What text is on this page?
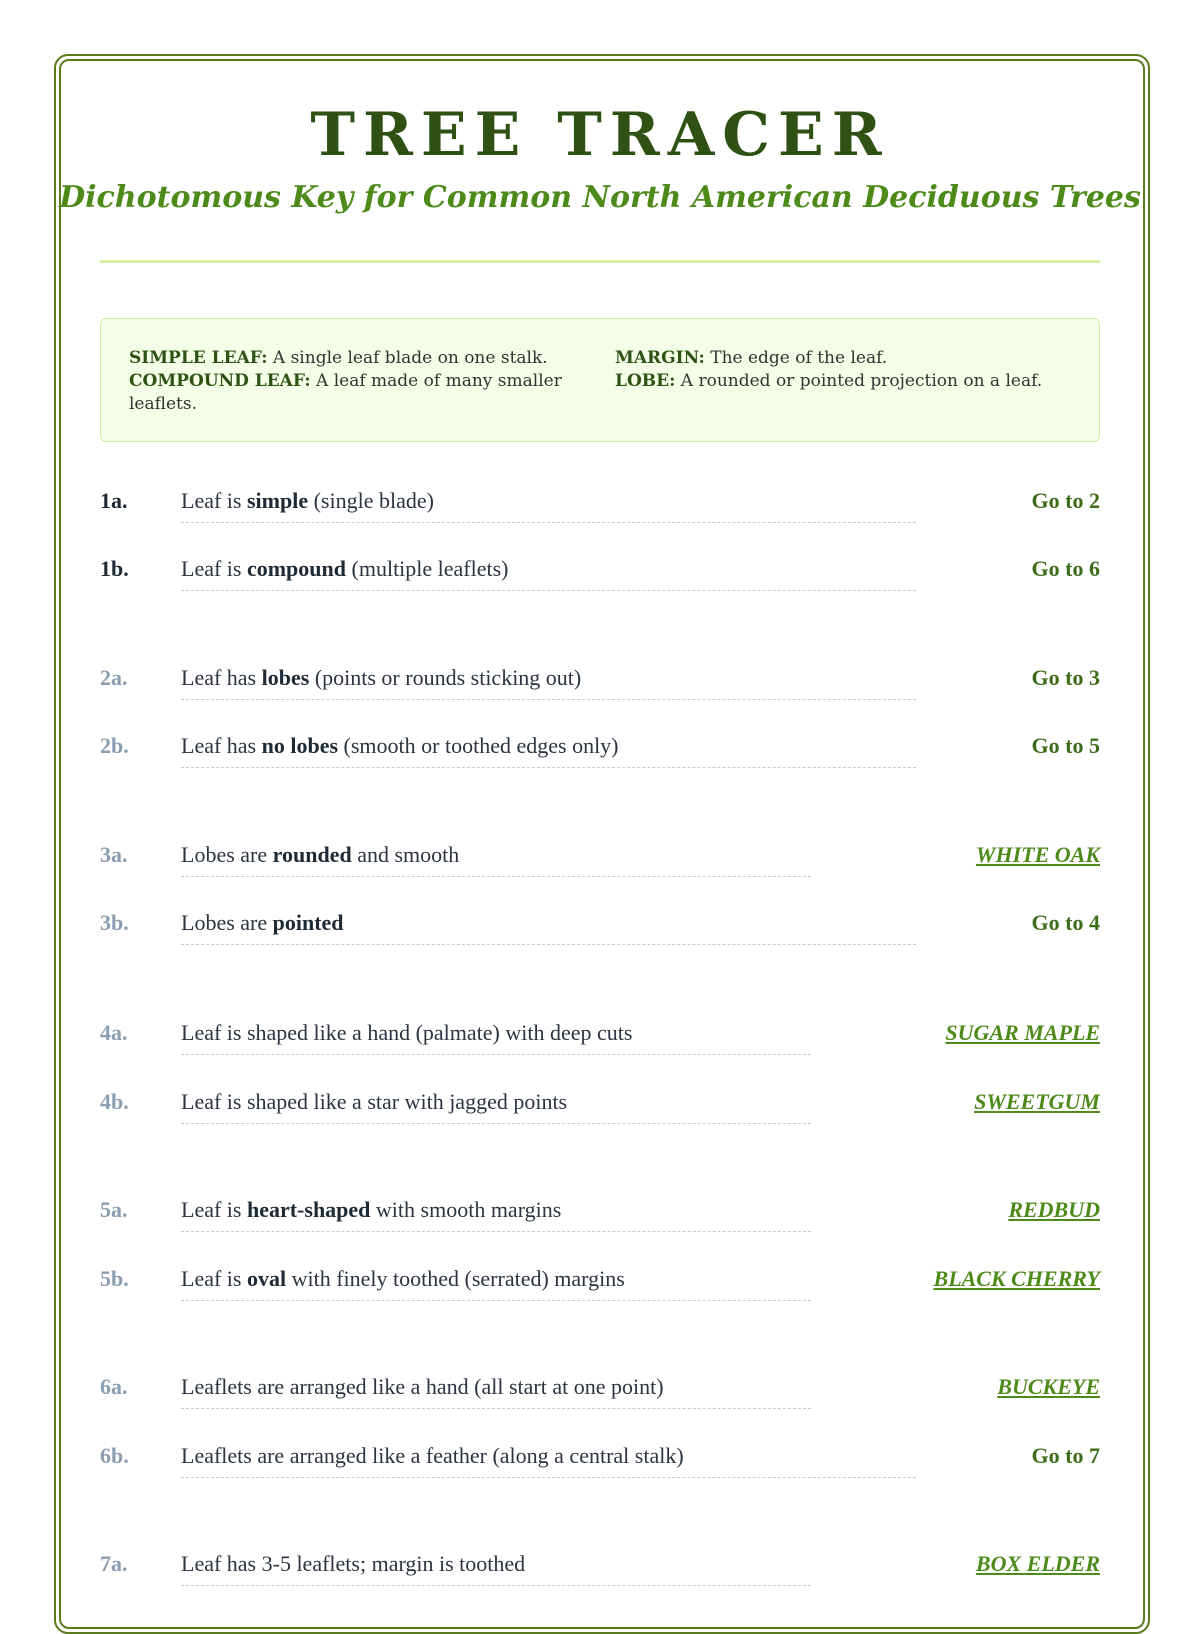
TREE TRACER
Dichotomous Key for Common North American Deciduous Trees
SIMPLE LEAF: A single leaf blade on one stalk.
COMPOUND LEAF: A leaf made of many smaller leaflets.
MARGIN: The edge of the leaf.
LOBE: A rounded or pointed projection on a leaf.
1a. Leaf is simple (single blade)	Go to 2
1b. Leaf is compound (multiple leaflets)	Go to 6
2a. Leaf has lobes (points or rounds sticking out)	Go to 3
2b. Leaf has no lobes (smooth or toothed edges only)	Go to 5
3a. Lobes are rounded and smooth	WHITE OAK
3b. Lobes are pointed	Go to 4
4a. Leaf is shaped like a hand (palmate) with deep cuts	SUGAR MAPLE
4b. Leaf is shaped like a star with jagged points	SWEETGUM
5a. Leaf is heart-shaped with smooth margins	REDBUD
5b. Leaf is oval with finely toothed (serrated) margins	BLACK CHERRY
6a. Leaflets are arranged like a hand (all start at one point)	BUCKEYE
6b. Leaflets are arranged like a feather (along a central stalk)	Go to 7
7a. Leaf has 3-5 leaflets; margin is toothed	BOX ELDER
